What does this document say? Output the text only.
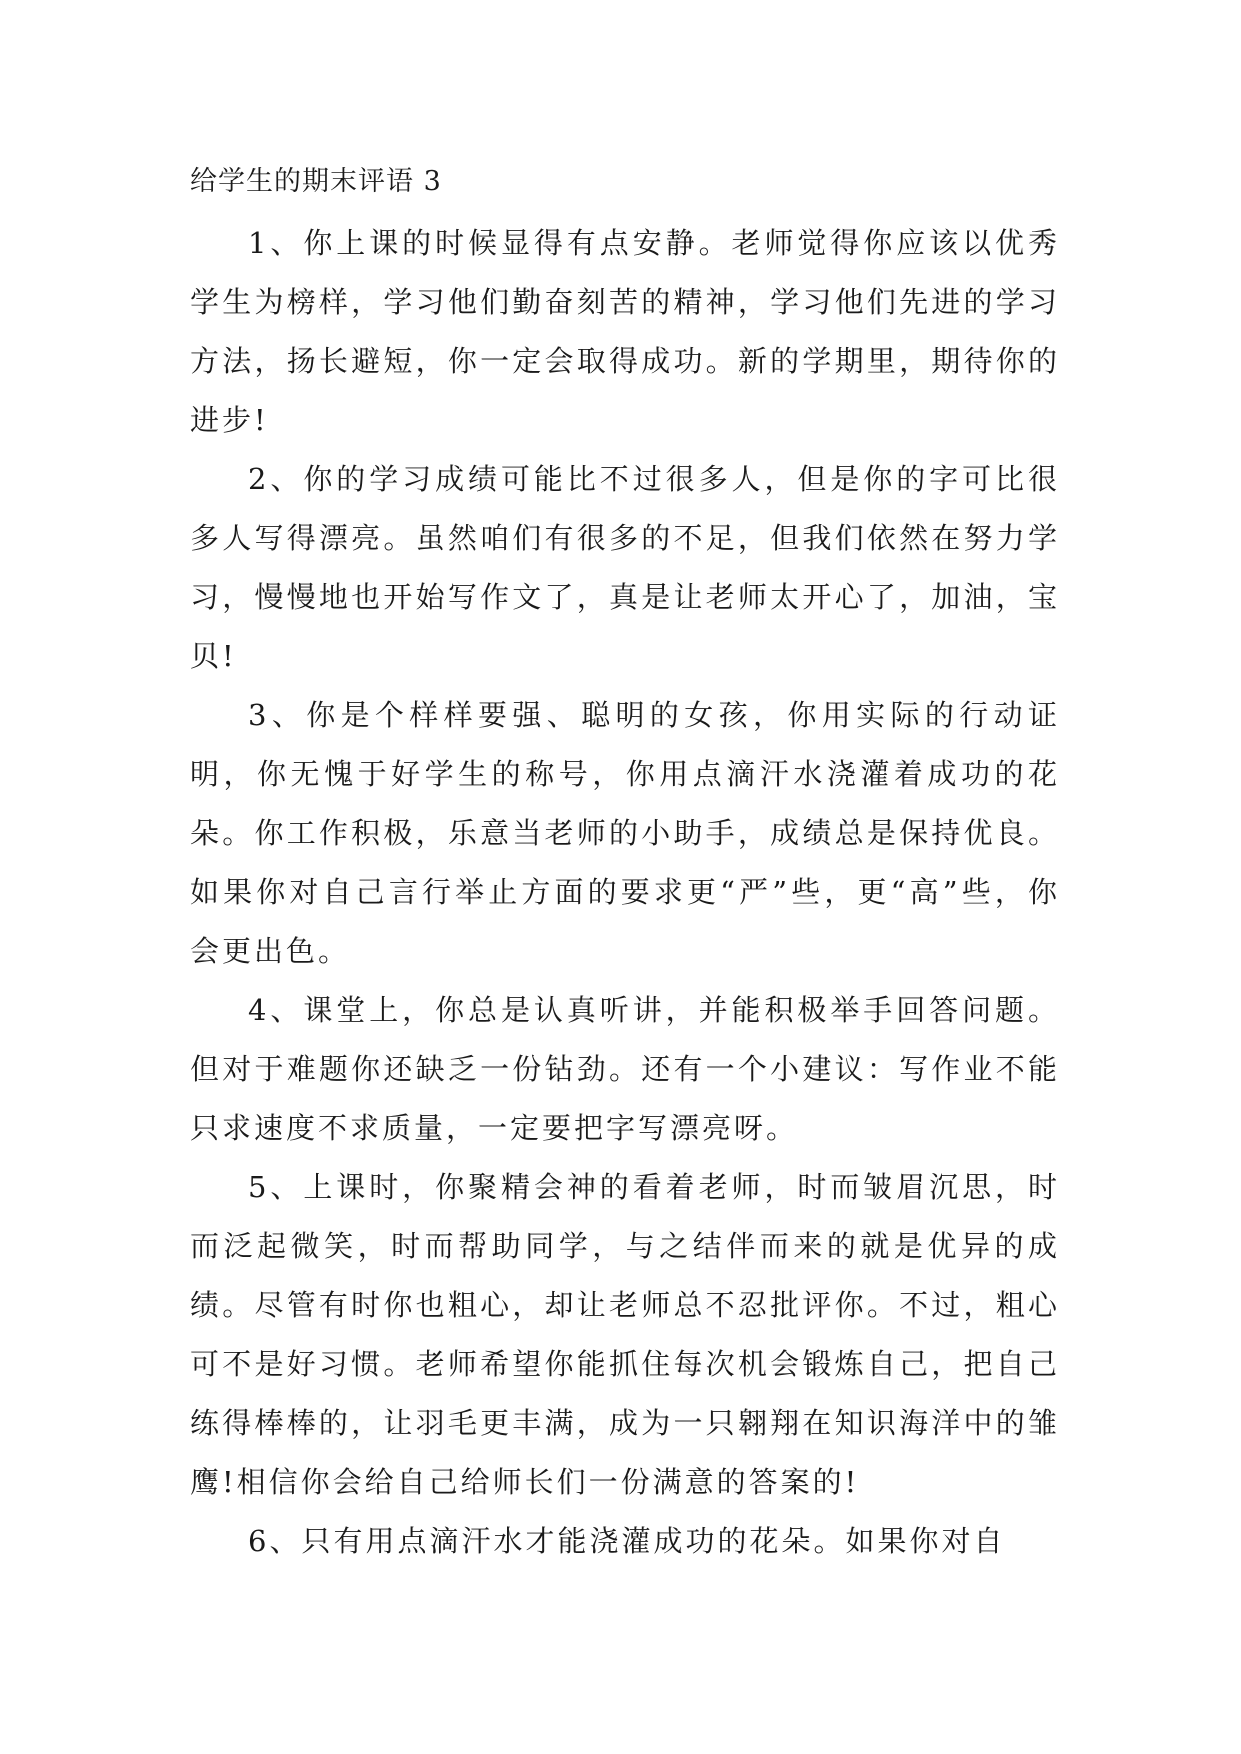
给学生的期末评语 3

1、你上课的时候显得有点安静。老师觉得你应该以优秀学生为榜样，学习他们勤奋刻苦的精神，学习他们先进的学习方法，扬长避短，你一定会取得成功。新的学期里，期待你的进步!

2、你的学习成绩可能比不过很多人，但是你的字可比很多人写得漂亮。虽然咱们有很多的不足，但我们依然在努力学习，慢慢地也开始写作文了，真是让老师太开心了，加油，宝贝!

3、你是个样样要强、聪明的女孩，你用实际的行动证明，你无愧于好学生的称号，你用点滴汗水浇灌着成功的花朵。你工作积极，乐意当老师的小助手，成绩总是保持优良。如果你对自己言行举止方面的要求更“严”些，更“高”些，你会更出色。

4、课堂上，你总是认真听讲，并能积极举手回答问题。但对于难题你还缺乏一份钻劲。还有一个小建议：写作业不能只求速度不求质量，一定要把字写漂亮呀。

5、上课时，你聚精会神的看着老师，时而皱眉沉思，时而泛起微笑，时而帮助同学，与之结伴而来的就是优异的成绩。尽管有时你也粗心，却让老师总不忍批评你。不过，粗心可不是好习惯。老师希望你能抓住每次机会锻炼自己，把自己练得棒棒的，让羽毛更丰满，成为一只翱翔在知识海洋中的雏鹰!相信你会给自己给师长们一份满意的答案的!

6、只有用点滴汗水才能浇灌成功的花朵。如果你对自
